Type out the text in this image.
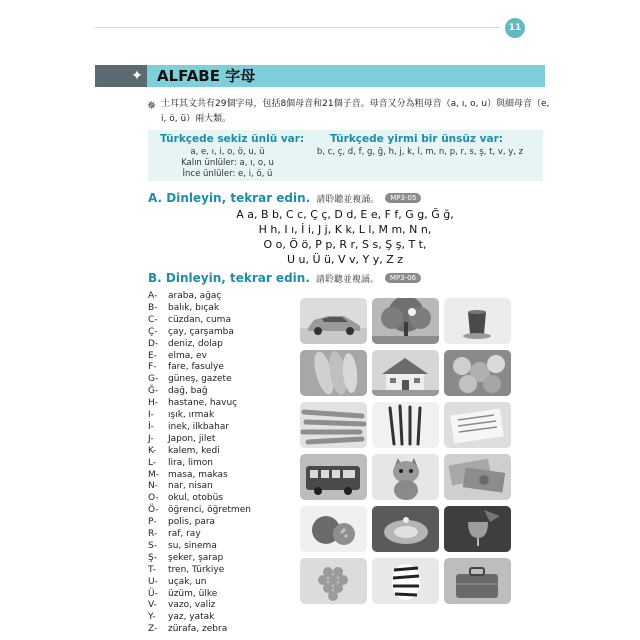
11
✦ ALFABE 字母
✵ 土耳其文共有29個字母，包括8個母音和21個子音。母音又分為粗母音（a, ı, o, u）與細母音（e, i, ö, ü）兩大類。
Türkçede sekiz ünlü var:
a, e, ı, i, o, ö, u, ü
Kalın ünlüler: a, ı, o, u
İnce ünlüler: e, i, ö, ü
Türkçede yirmi bir ünsüz var:
b, c, ç, d, f, g, ğ, h, j, k, l, m, n, p, r, s, ş, t, v, y, z
A. Dinleyin, tekrar edin. 請聆聽並複誦。	MP3-05
A a, B b, C c, Ç ç, D d, E e, F f, G g, Ğ ğ,
H h, I ı, İ i, J j, K k, L l, M m, N n,
O o, Ö ö, P p, R r, S s, Ş ş, T t,
U u, Ü ü, V v, Y y, Z z
B. Dinleyin, tekrar edin. 請聆聽並複誦。	MP3-06
A- araba, ağaç
B- balık, bıçak
C- cüzdan, cuma
Ç- çay, çarşamba
D- deniz, dolap
E- elma, ev
F- fare, fasulye
G- güneş, gazete
Ğ- dağ, bağ
H- hastane, havuç
I- ışık, ırmak
İ- inek, ilkbahar
J- Japon, jilet
K- kalem, kedi
L- lira, limon
M- masa, makas
N- nar, nisan
O- okul, otobüs
Ö- öğrenci, öğretmen
P- polis, para
R- raf, ray
S- su, sinema
Ş- şeker, şarap
T- tren, Türkiye
U- uçak, un
Ü- üzüm, ülke
V- vazo, valiz
Y- yaz, yatak
Z- zürafa, zebra
